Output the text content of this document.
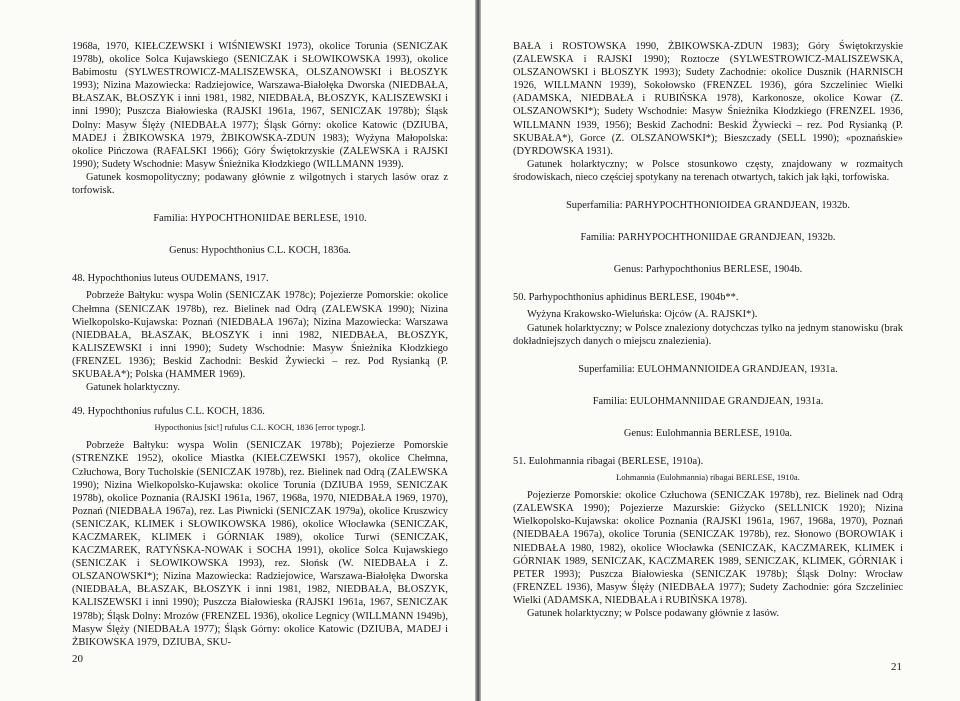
1968a, 1970, KIEŁCZEWSKI i WIŚNIEWSKI 1973), okolice Torunia (SENICZAK 1978b), okolice Solca Kujawskiego (SENICZAK i SŁOWIKOWSKA 1993), okolice Babimostu (SYLWESTROWICZ-MALISZEWSKA, OLSZANOWSKI i BŁOSZYK 1993); Nizina Mazowiecka: Radziejowice, Warszawa-Białołęka Dworska (NIEDBAŁA, BŁASZAK, BŁOSZYK i inni 1981, 1982, NIEDBAŁA, BŁOSZYK, KALISZEWSKI i inni 1990); Puszcza Białowieska (RAJSKI 1961a, 1967, SENICZAK 1978b); Śląsk Dolny: Masyw Ślęży (NIEDBAŁA 1977); Śląsk Górny: okolice Katowic (DZIUBA, MADEJ i ŻBIKOWSKA 1979, ŻBIKOWSKA-ZDUN 1983); Wyżyna Małopolska: okolice Pińczowa (RAFALSKI 1966); Góry Świętokrzyskie (ZALEWSKA i RAJSKI 1990); Sudety Wschodnie: Masyw Śnieżnika Kłodzkiego (WILLMANN 1939).

Gatunek kosmopolityczny; podawany głównie z wilgotnych i starych lasów oraz z torfowisk.

Familia: HYPOCHTHONIIDAE BERLESE, 1910.

Genus: Hypochthonius C.L. KOCH, 1836a.

48. Hypochthonius luteus OUDEMANS, 1917.

Pobrzeże Bałtyku: wyspa Wolin (SENICZAK 1978c); Pojezierze Pomorskie: okolice Chełmna (SENICZAK 1978b), rez. Bielinek nad Odrą (ZALEWSKA 1990); Nizina Wielkopolsko-Kujawska: Poznań (NIEDBAŁA 1967a); Nizina Mazowiecka: Warszawa (NIEDBAŁA, BŁASZAK, BŁOSZYK i inni 1982, NIEDBAŁA, BŁOSZYK, KALISZEWSKI i inni 1990); Sudety Wschodnie: Masyw Śnieżnika Kłodzkiego (FRENZEL 1936); Beskid Zachodni: Beskid Żywiecki – rez. Pod Rysianką (P. SKUBAŁA*); Polska (HAMMER 1969).

Gatunek holarktyczny.

49. Hypochthonius rufulus C.L. KOCH, 1836.

Hypocthonius [sic!] rufulus C.L. KOCH, 1836 [error typogr.].

Pobrzeże Bałtyku: wyspa Wolin (SENICZAK 1978b); Pojezierze Pomorskie (STRENZKE 1952), okolice Miastka (KIEŁCZEWSKI 1957), okolice Chełmna, Człuchowa, Bory Tucholskie (SENICZAK 1978b), rez. Bielinek nad Odrą (ZALEWSKA 1990); Nizina Wielkopolsko-Kujawska: okolice Torunia (DZIUBA 1959, SENICZAK 1978b), okolice Poznania (RAJSKI 1961a, 1967, 1968a, 1970, NIEDBAŁA 1969, 1970), Poznań (NIEDBAŁA 1967a), rez. Las Piwnicki (SENICZAK 1979a), okolice Kruszwicy (SENICZAK, KLIMEK i SŁOWIKOWSKA 1986), okolice Włocławka (SENICZAK, KACZMAREK, KLIMEK i GÓRNIAK 1989), okolice Turwi (SENICZAK, KACZMAREK, RATYŃSKA-NOWAK i SOCHA 1991), okolice Solca Kujawskiego (SENICZAK i SŁOWIKOWSKA 1993), rez. Słońsk (W. NIEDBAŁA i Z. OLSZANOWSKI*); Nizina Mazowiecka: Radziejowice, Warszawa-Białołęka Dworska (NIEDBAŁA, BŁASZAK, BŁOSZYK i inni 1981, 1982, NIEDBAŁA, BŁOSZYK, KALISZEWSKI i inni 1990); Puszcza Białowieska (RAJSKI 1961a, 1967, SENICZAK 1978b); Śląsk Dolny: Mrozów (FRENZEL 1936), okolice Legnicy (WILLMANN 1949b), Masyw Ślęży (NIEDBAŁA 1977); Śląsk Górny: okolice Katowic (DZIUBA, MADEJ i ŻBIKOWSKA 1979, DZIUBA, SKU-

20

BAŁA i ROSTOWSKA 1990, ŻBIKOWSKA-ZDUN 1983); Góry Świętokrzyskie (ZALEWSKA i RAJSKI 1990); Roztocze (SYLWESTROWICZ-MALISZEWSKA, OLSZANOWSKI i BŁOSZYK 1993); Sudety Zachodnie: okolice Dusznik (HARNISCH 1926, WILLMANN 1939), Sokołowsko (FRENZEL 1936), góra Szczeliniec Wielki (ADAMSKA, NIEDBAŁA i RUBIŃSKA 1978), Karkonosze, okolice Kowar (Z. OLSZANOWSKI*); Sudety Wschodnie: Masyw Śnieżnika Kłodzkiego (FRENZEL 1936, WILLMANN 1939, 1956); Beskid Zachodni: Beskid Żywiecki – rez. Pod Rysianką (P. SKUBAŁA*), Gorce (Z. OLSZANOWSKI*); Bieszczady (SELL 1990); «poznańskie» (DYRDOWSKA 1931).

Gatunek holarktyczny; w Polsce stosunkowo częsty, znajdowany w rozmaitych środowiskach, nieco częściej spotykany na terenach otwartych, takich jak łąki, torfowiska.

Superfamilia: PARHYPOCHTHONIOIDEA GRANDJEAN, 1932b.

Familia: PARHYPOCHTHONIIDAE GRANDJEAN, 1932b.

Genus: Parhypochthonius BERLESE, 1904b.

50. Parhypochthonius aphidinus BERLESE, 1904b**.

Wyżyna Krakowsko-Wieluńska: Ojców (A. RAJSKI*).

Gatunek holarktyczny; w Polsce znaleziony dotychczas tylko na jednym stanowisku (brak dokładniejszych danych o miejscu znalezienia).

Superfamilia: EULOHMANNIOIDEA GRANDJEAN, 1931a.

Familia: EULOHMANNIIDAE GRANDJEAN, 1931a.

Genus: Eulohmannia BERLESE, 1910a.

51. Eulohmannia ribagai (BERLESE, 1910a).

Lohmannia (Eulohmannia) ribagai BERLESE, 1910a.

Pojezierze Pomorskie: okolice Człuchowa (SENICZAK 1978b), rez. Bielinek nad Odrą (ZALEWSKA 1990); Pojezierze Mazurskie: Giżycko (SELLNICK 1920); Nizina Wielkopolsko-Kujawska: okolice Poznania (RAJSKI 1961a, 1967, 1968a, 1970), Poznań (NIEDBAŁA 1967a), okolice Torunia (SENICZAK 1978b), rez. Słonowo (BOROWIAK i NIEDBAŁA 1980, 1982), okolice Włocławka (SENICZAK, KACZMAREK, KLIMEK i GÓRNIAK 1989, SENICZAK, KACZMAREK 1989, SENICZAK, KLIMEK, GÓRNIAK i PETER 1993); Puszcza Białowieska (SENICZAK 1978b); Śląsk Dolny: Wrocław (FRENZEL 1936), Masyw Ślęży (NIEDBAŁA 1977); Sudety Zachodnie: góra Szczeliniec Wielki (ADAMSKA, NIEDBAŁA i RUBIŃSKA 1978).

Gatunek holarktyczny; w Polsce podawany głównie z lasów.

21
